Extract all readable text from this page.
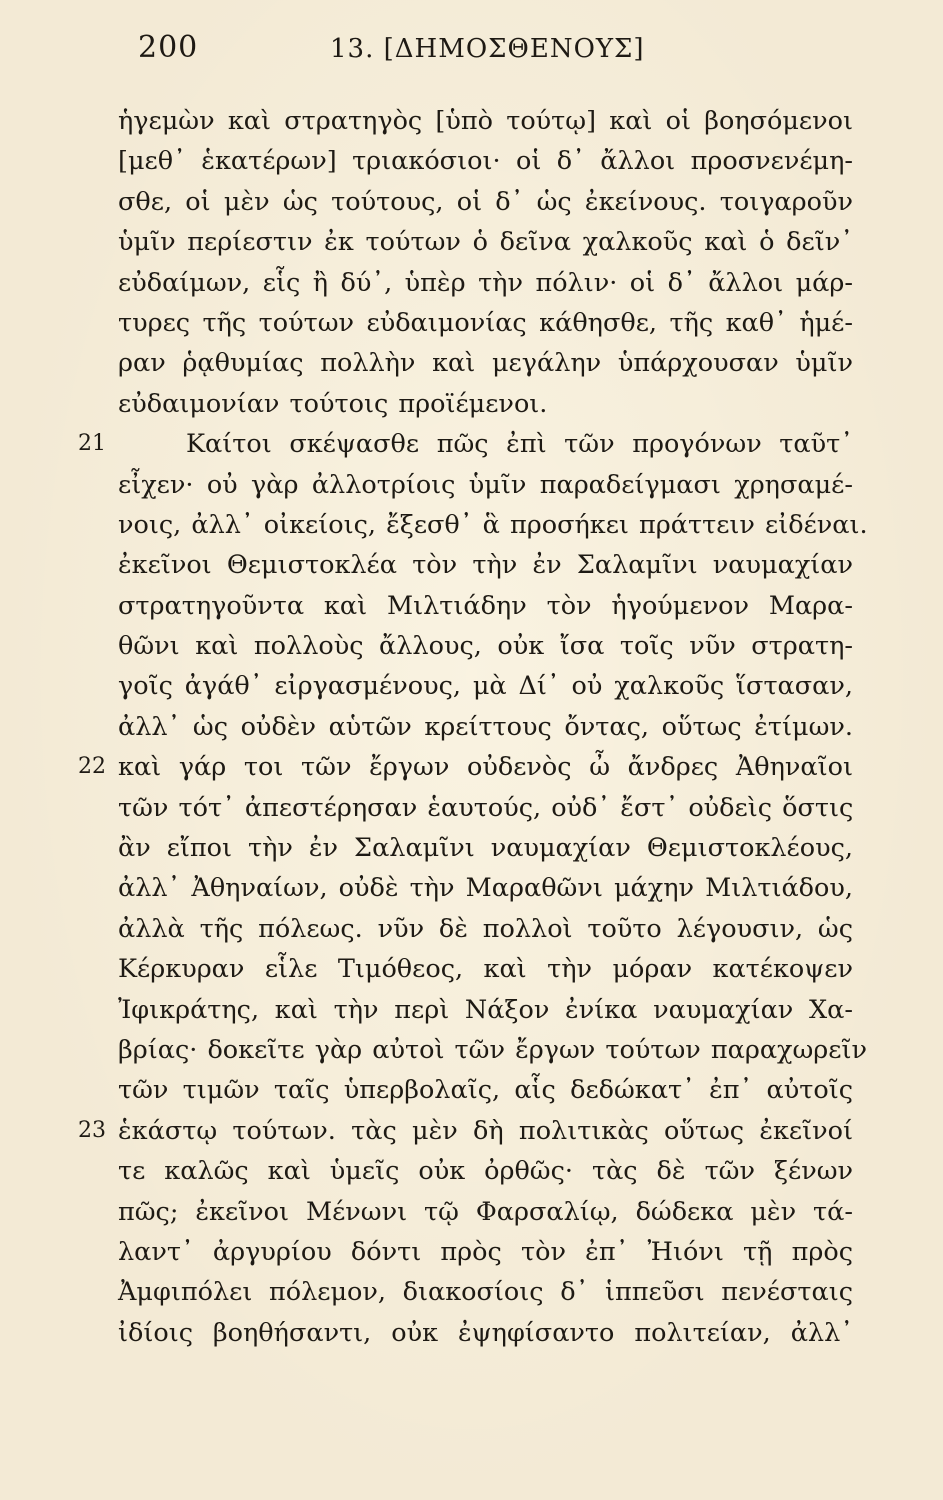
200	13. [ΔΗΜΟΣΘΕΝΟΥΣ]
ἡγεμὼν καὶ στρατηγὸς [ὑπὸ τούτῳ] καὶ οἱ βοησόμενοι
[μεθ᾽ ἑκατέρων] τριακόσιοι· οἱ δ᾽ ἄλλοι προσνενέμη-
σθε, οἱ μὲν ὡς τούτους, οἱ δ᾽ ὡς ἐκείνους. τοιγαροῦν
ὑμῖν περίεστιν ἐκ τούτων ὁ δεῖνα χαλκοῦς καὶ ὁ δεῖν᾽
εὐδαίμων, εἷς ἢ δύ᾽, ὑπὲρ τὴν πόλιν· οἱ δ᾽ ἄλλοι μάρ-
τυρες τῆς τούτων εὐδαιμονίας κάθησθε, τῆς καθ᾽ ἡμέ-
ραν ῥᾳθυμίας πολλὴν καὶ μεγάλην ὑπάρχουσαν ὑμῖν
εὐδαιμονίαν τούτοις προϊέμενοι.
21	Καίτοι σκέψασθε πῶς ἐπὶ τῶν προγόνων ταῦτ᾽
εἶχεν· οὐ γὰρ ἀλλοτρίοις ὑμῖν παραδείγμασι χρησαμέ-
νοις, ἀλλ᾽ οἰκείοις, ἔξεσθ᾽ ἃ προσήκει πράττειν εἰδέναι.
ἐκεῖνοι Θεμιστοκλέα τὸν τὴν ἐν Σαλαμῖνι ναυμαχίαν
στρατηγοῦντα καὶ Μιλτιάδην τὸν ἡγούμενον Μαρα-
θῶνι καὶ πολλοὺς ἄλλους, οὐκ ἴσα τοῖς νῦν στρατη-
γοῖς ἀγάθ᾽ εἰργασμένους, μὰ Δί᾽ οὐ χαλκοῦς ἵστασαν,
ἀλλ᾽ ὡς οὐδὲν αὑτῶν κρείττους ὄντας, οὕτως ἐτίμων.
22 καὶ γάρ τοι τῶν ἔργων οὐδενὸς ὦ ἄνδρες Ἀθηναῖοι
τῶν τότ᾽ ἀπεστέρησαν ἑαυτούς, οὐδ᾽ ἔστ᾽ οὐδεὶς ὅστις
ἂν εἴποι τὴν ἐν Σαλαμῖνι ναυμαχίαν Θεμιστοκλέους,
ἀλλ᾽ Ἀθηναίων, οὐδὲ τὴν Μαραθῶνι μάχην Μιλτιάδου,
ἀλλὰ τῆς πόλεως. νῦν δὲ πολλοὶ τοῦτο λέγουσιν, ὡς
Κέρκυραν εἷλε Τιμόθεος, καὶ τὴν μόραν κατέκοψεν
Ἰφικράτης, καὶ τὴν περὶ Νάξον ἐνίκα ναυμαχίαν Χα-
βρίας· δοκεῖτε γὰρ αὐτοὶ τῶν ἔργων τούτων παραχωρεῖν
τῶν τιμῶν ταῖς ὑπερβολαῖς, αἷς δεδώκατ᾽ ἐπ᾽ αὐτοῖς
23 ἑκάστῳ τούτων. τὰς μὲν δὴ πολιτικὰς οὕτως ἐκεῖνοί
τε καλῶς καὶ ὑμεῖς οὐκ ὀρθῶς· τὰς δὲ τῶν ξένων
πῶς; ἐκεῖνοι Μένωνι τῷ Φαρσαλίῳ, δώδεκα μὲν τά-
λαντ᾽ ἀργυρίου δόντι πρὸς τὸν ἐπ᾽ Ἠιόνι τῇ πρὸς
Ἀμφιπόλει πόλεμον, διακοσίοις δ᾽ ἱππεῦσι πενέσταις
ἰδίοις βοηθήσαντι, οὐκ ἐψηφίσαντο πολιτείαν, ἀλλ᾽
